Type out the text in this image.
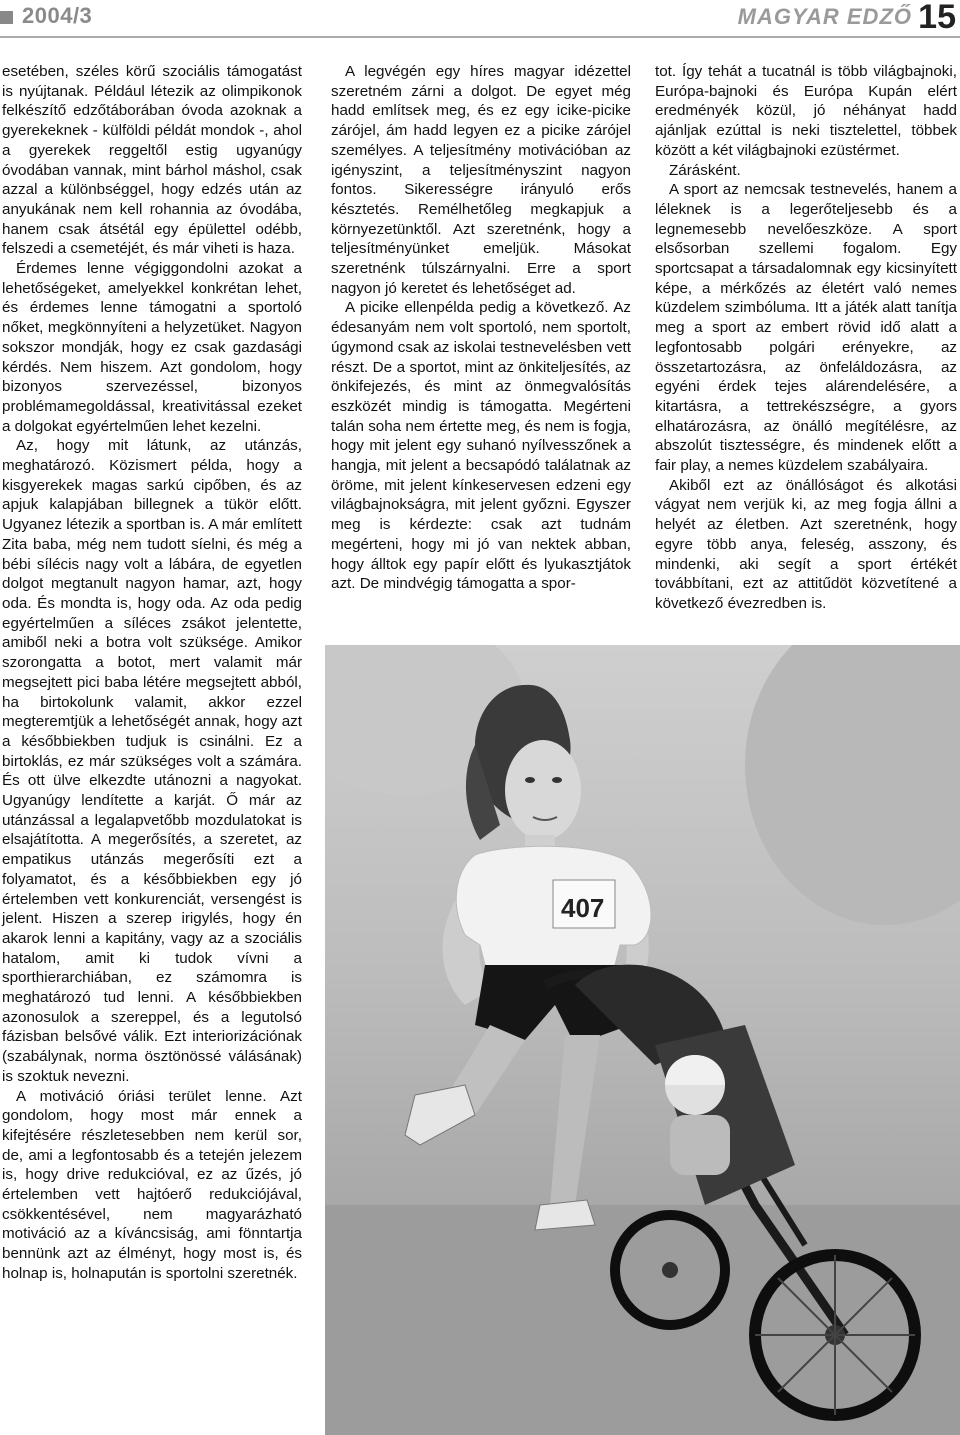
2004/3	MAGYAR EDZŐ 15

esetében, széles körű szociális támogatást is nyújtanak. Például létezik az olimpikonok felkészítő edzőtáborában óvoda azoknak a gyerekeknek - külföldi példát mondok -, ahol a gyerekek reggeltől estig ugyanúgy óvodában vannak, mint bárhol máshol, csak azzal a különbséggel, hogy edzés után az anyukának nem kell rohannia az óvodába, hanem csak átsétál egy épülettel odébb, felszedi a csemetéjét, és már viheti is haza.

Érdemes lenne végiggondolni azokat a lehetőségeket, amelyekkel konkrétan lehet, és érdemes lenne támogatni a sportoló nőket, megkönnyíteni a helyzetüket. Nagyon sokszor mondják, hogy ez csak gazdasági kérdés. Nem hiszem. Azt gondolom, hogy bizonyos szervezéssel, bizonyos problémamegoldással, kreativitással ezeket a dolgokat egyértelműen lehet kezelni.

Az, hogy mit látunk, az utánzás, meghatározó. Közismert példa, hogy a kisgyerekek magas sarkú cipőben, és az apjuk kalapjában billegnek a tükör előtt. Ugyanez létezik a sportban is. A már említett Zita baba, még nem tudott síelni, és még a bébi sílécis nagy volt a lábára, de egyetlen dolgot megtanult nagyon hamar, azt, hogy oda. És mondta is, hogy oda. Az oda pedig egyértelműen a síléces zsákot jelentette, amiből neki a botra volt szüksége. Amikor szorongatta a botot, mert valamit már megsejtett pici baba létére megsejtett abból, ha birtokolunk valamit, akkor ezzel megteremtjük a lehetőségét annak, hogy azt a későbbiekben tudjuk is csinálni. Ez a birtoklás, ez már szükséges volt a számára. És ott ülve elkezdte utánozni a nagyokat. Ugyanúgy lendítette a karját. Ő már az utánzással a legalapvetőbb mozdulatokat is elsajátította. A megerősítés, a szeretet, az empatikus utánzás megerősíti ezt a folyamatot, és a későbbiekben egy jó értelemben vett konkurenciát, versengést is jelent. Hiszen a szerep irigylés, hogy én akarok lenni a kapitány, vagy az a szociális hatalom, amit ki tudok vívni a sporthierarchiában, ez számomra is meghatározó tud lenni. A későbbiekben azonosulok a szereppel, és a legutolsó fázisban belsővé válik. Ezt interiorizációnak (szabálynak, norma ösztönössé válásának) is szoktuk nevezni.

A motiváció óriási terület lenne. Azt gondolom, hogy most már ennek a kifejtésére részletesebben nem kerül sor, de, ami a legfontosabb és a tetején jelezem is, hogy drive redukcióval, ez az űzés, jó értelemben vett hajtóerő redukciójával, csökkentésével, nem magyarázható motiváció az a kíváncsiság, ami fönntartja bennünk azt az élményt, hogy most is, és holnap is, holnapután is sportolni szeretnék.

A legvégén egy híres magyar idézettel szeretném zárni a dolgot. De egyet még hadd említsek meg, és ez egy icike-picike zárójel, ám hadd legyen ez a picike zárójel személyes. A teljesítmény motivációban az igényszint, a teljesítményszint nagyon fontos. Sikerességre irányuló erős késztetés. Remélhetőleg megkapjuk a környezetünktől. Azt szeretnénk, hogy a teljesítményünket emeljük. Másokat szeretnénk túlszárnyalni. Erre a sport nagyon jó keretet és lehetőséget ad.

A picike ellenpélda pedig a következő. Az édesanyám nem volt sportoló, nem sportolt, úgymond csak az iskolai testnevelésben vett részt. De a sportot, mint az önkiteljesítés, az önkifejezés, és mint az önmegvalósítás eszközét mindig is támogatta. Megérteni talán soha nem értette meg, és nem is fogja, hogy mit jelent egy suhanó nyílvesszőnek a hangja, mit jelent a becsapódó találatnak az öröme, mit jelent kínkeservesen edzeni egy világbajnokságra, mit jelent győzni. Egyszer meg is kérdezte: csak azt tudnám megérteni, hogy mi jó van nektek abban, hogy álltok egy papír előtt és lyukasztjátok azt. De mindvégig támogatta a spor-

tot. Így tehát a tucatnál is több világbajnoki, Európa-bajnoki és Európa Kupán elért eredményék közül, jó néhányat hadd ajánljak ezúttal is neki tisztelettel, többek között a két világbajnoki ezüstérmet.

Zárásként.

A sport az nemcsak testnevelés, hanem a léleknek is a legerőteljesebb és a legnemesebb nevelőeszköze. A sport elsősorban szellemi fogalom. Egy sportcsapat a társadalomnak egy kicsinyített képe, a mérkőzés az életért való nemes küzdelem szimbóluma. Itt a játék alatt tanítja meg a sport az embert rövid idő alatt a legfontosabb polgári erényekre, az összetartozásra, az önfeláldozásra, az egyéni érdek tejes alárendelésére, a kitartásra, a tettrekészségre, a gyors elhatározásra, az önálló megítélésre, az abszolút tisztességre, és mindenek előtt a fair play, a nemes küzdelem szabályaira.

Akiből ezt az önállóságot és alkotási vágyat nem verjük ki, az meg fogja állni a helyét az életben. Azt szeretnénk, hogy egyre több anya, feleség, asszony, és mindenki, aki segít a sport értékét továbbítani, ezt az attitűdöt közvetítené a következő évezredben is.

407
